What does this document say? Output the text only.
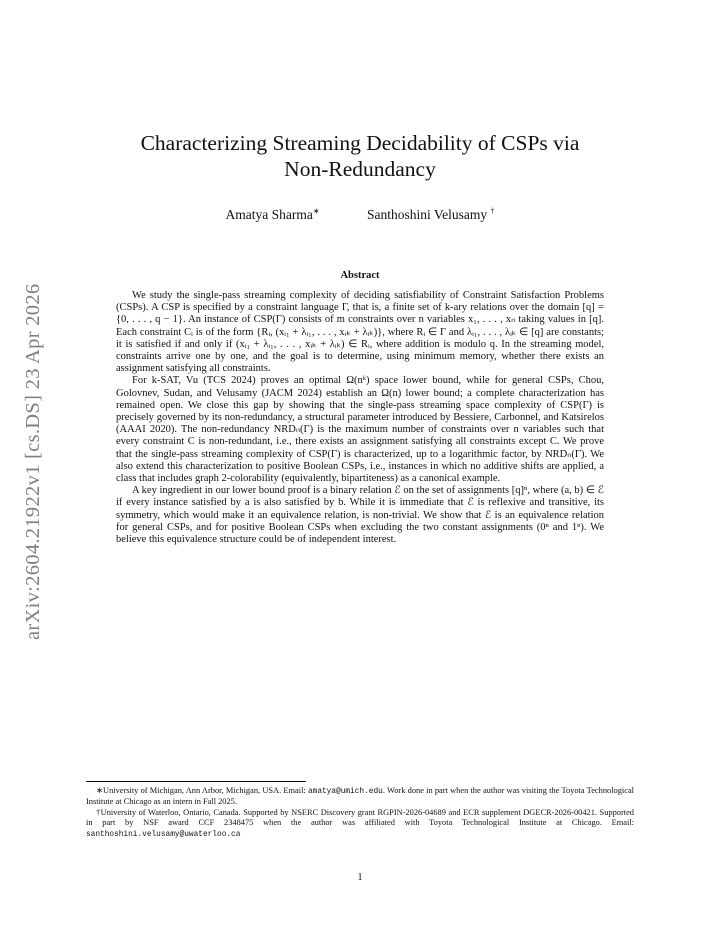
arXiv:2604.21922v1 [cs.DS] 23 Apr 2026
Characterizing Streaming Decidability of CSPs via
Non-Redundancy
Amatya Sharma∗	Santhoshini Velusamy †
Abstract

We study the single-pass streaming complexity of deciding satisfiability of Constraint Satisfaction Problems (CSPs). A CSP is specified by a constraint language Γ, that is, a finite set of k-ary relations over the domain [q] = {0, . . . , q − 1}. An instance of CSP(Γ) consists of m constraints over n variables x₁, . . . , xₙ taking values in [q]. Each constraint Cᵢ is of the form {Rᵢ, (xᵢ₁ + λᵢ₁, . . . , xᵢₖ + λᵢₖ)}, where Rᵢ ∈ Γ and λᵢ₁, . . . , λᵢₖ ∈ [q] are constants; it is satisfied if and only if (xᵢ₁ + λᵢ₁, . . . , xᵢₖ + λᵢₖ) ∈ Rᵢ, where addition is modulo q. In the streaming model, constraints arrive one by one, and the goal is to determine, using minimum memory, whether there exists an assignment satisfying all constraints.

For k-SAT, Vu (TCS 2024) proves an optimal Ω(nᵏ) space lower bound, while for general CSPs, Chou, Golovnev, Sudan, and Velusamy (JACM 2024) establish an Ω(n) lower bound; a complete characterization has remained open. We close this gap by showing that the single-pass streaming space complexity of CSP(Γ) is precisely governed by its non-redundancy, a structural parameter introduced by Bessiere, Carbonnel, and Katsirelos (AAAI 2020). The non-redundancy NRDₙ(Γ) is the maximum number of constraints over n variables such that every constraint C is non-redundant, i.e., there exists an assignment satisfying all constraints except C. We prove that the single-pass streaming complexity of CSP(Γ) is characterized, up to a logarithmic factor, by NRDₙ(Γ). We also extend this characterization to positive Boolean CSPs, i.e., instances in which no additive shifts are applied, a class that includes graph 2-colorability (equivalently, bipartiteness) as a canonical example.

A key ingredient in our lower bound proof is a binary relation ℰ on the set of assignments [q]ⁿ, where (a, b) ∈ ℰ if every instance satisfied by a is also satisfied by b. While it is immediate that ℰ is reflexive and transitive, its symmetry, which would make it an equivalence relation, is non-trivial. We show that ℰ is an equivalence relation for general CSPs, and for positive Boolean CSPs when excluding the two constant assignments (0ⁿ and 1ⁿ). We believe this equivalence structure could be of independent interest.

∗University of Michigan, Ann Arbor, Michigan, USA. Email: amatya@umich.edu. Work done in part when the author was visiting the Toyota Technological Institute at Chicago as an intern in Fall 2025.

†University of Waterloo, Ontario, Canada. Supported by NSERC Discovery grant RGPIN-2026-04689 and ECR supplement DGECR-2026-00421. Supported in part by NSF award CCF 2348475 when the author was affiliated with Toyota Technological Institute at Chicago. Email: santhoshini.velusamy@uwaterloo.ca

1
